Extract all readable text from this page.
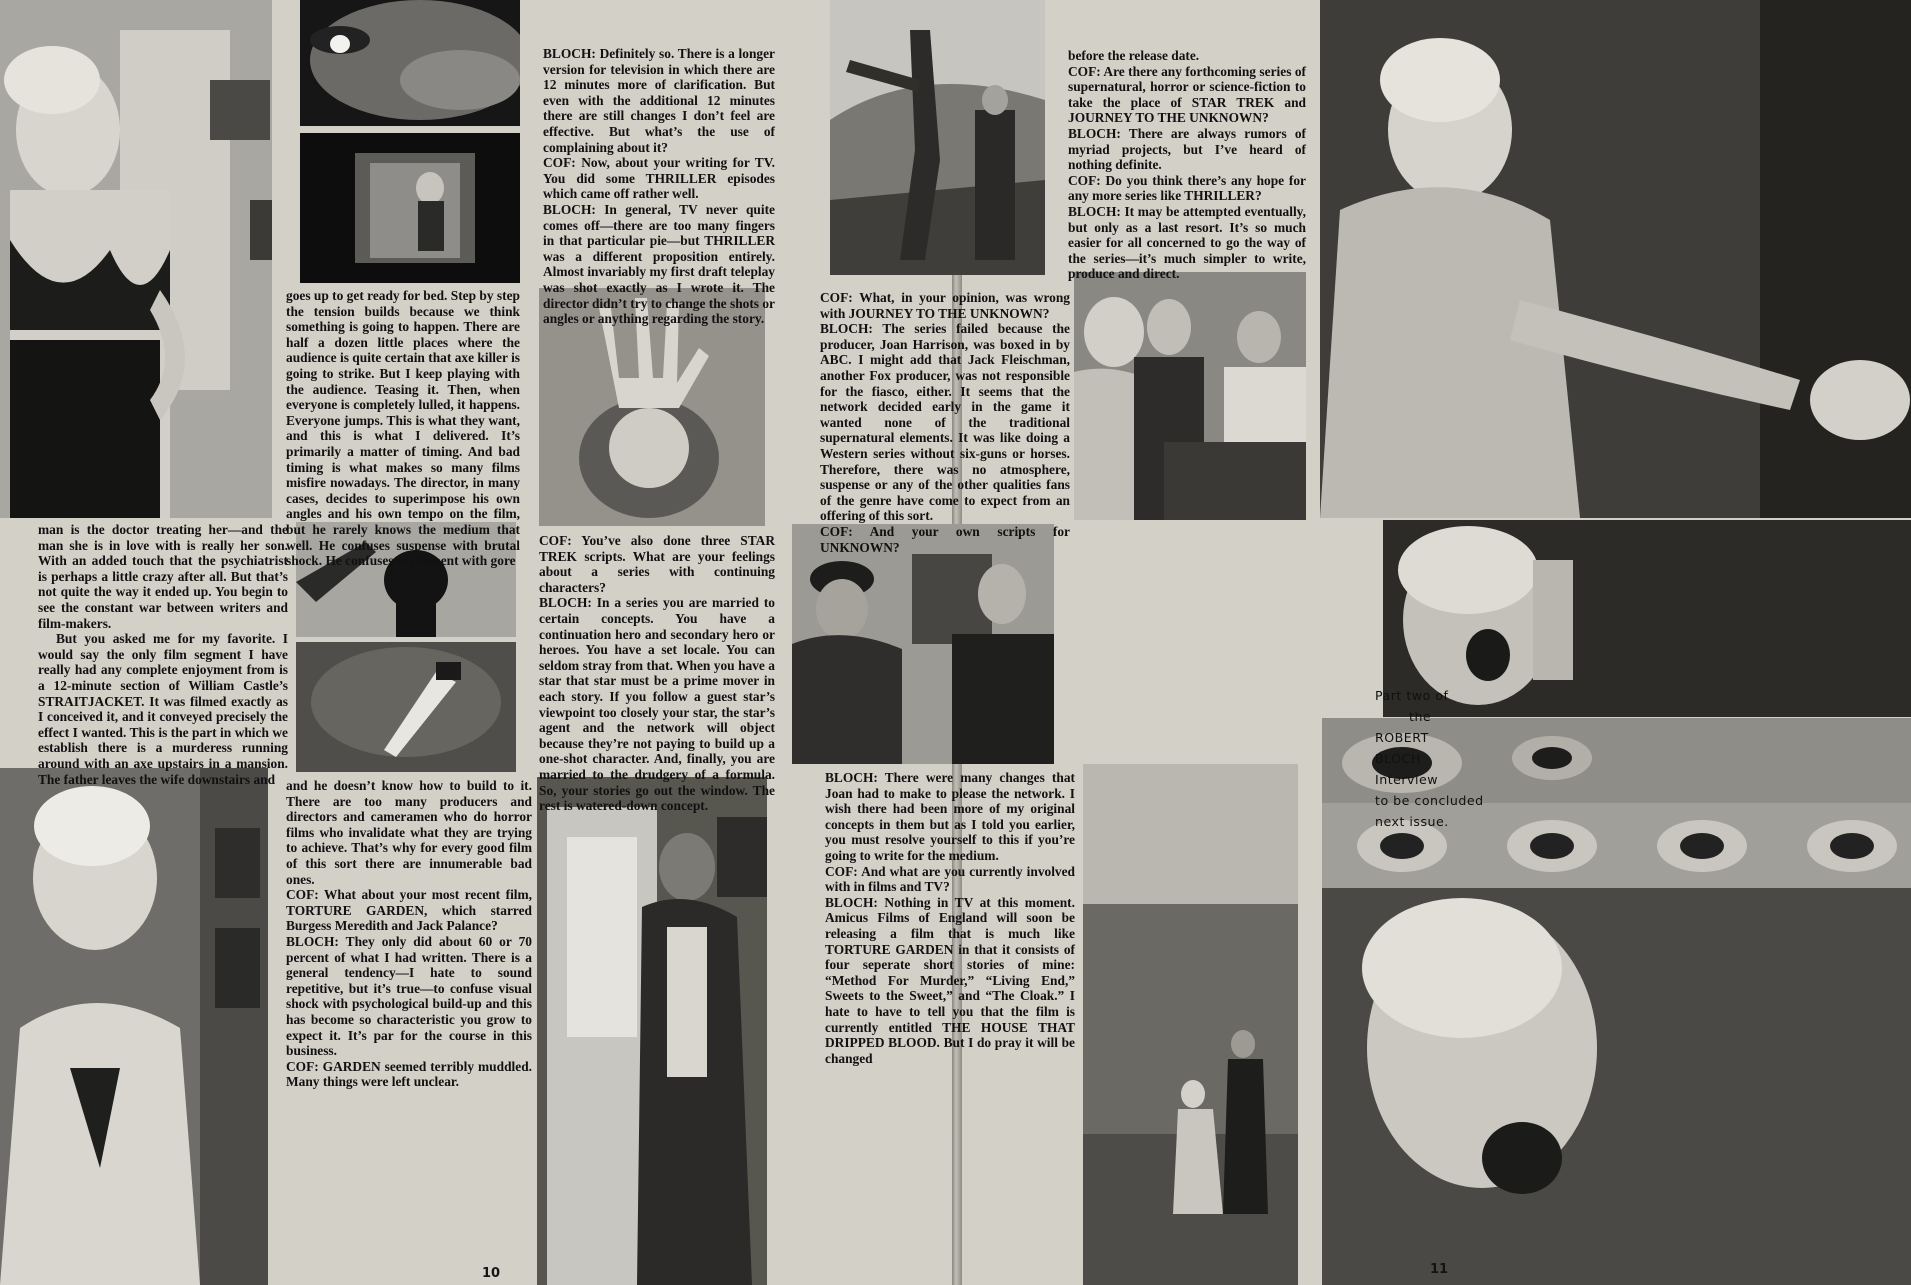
man is the doctor treating her—and the man she is in love with is really her son. With an added touch that the psychiatrist is perhaps a little crazy after all. But that’s not quite the way it ended up. You begin to see the constant war between writers and film-makers.

But you asked me for my favorite. I would say the only film segment I have really had any complete enjoyment from is a 12-minute section of William Castle’s STRAITJACKET. It was filmed exactly as I conceived it, and it conveyed precisely the effect I wanted. This is the part in which we establish there is a murderess running around with an axe upstairs in a mansion. The father leaves the wife downstairs and

goes up to get ready for bed. Step by step the tension builds because we think something is going to happen. There are half a dozen little places where the audience is quite certain that axe killer is going to strike. But I keep playing with the audience. Teasing it. Then, when everyone is completely lulled, it happens. Everyone jumps. This is what they want, and this is what I delivered. It’s primarily a matter of timing. And bad timing is what makes so many films misfire nowadays. The director, in many cases, decides to superimpose his own angles and his own tempo on the film, but he rarely knows the medium that well. He confuses suspense with brutal shock. He confuses excitement with gore

and he doesn’t know how to build to it. There are too many producers and directors and cameramen who do horror films who invalidate what they are trying to achieve. That’s why for every good film of this sort there are innumerable bad ones.

COF: What about your most recent film, TORTURE GARDEN, which starred Burgess Meredith and Jack Palance?

BLOCH: They only did about 60 or 70 percent of what I had written. There is a general tendency—I hate to sound repetitive, but it’s true—to confuse visual shock with psychological build-up and this has become so characteristic you grow to expect it. It’s par for the course in this business.

COF: GARDEN seemed terribly muddled. Many things were left unclear.

BLOCH: Definitely so. There is a longer version for television in which there are 12 minutes more of clarification. But even with the additional 12 minutes there are still changes I don’t feel are effective. But what’s the use of complaining about it?

COF: Now, about your writing for TV. You did some THRILLER episodes which came off rather well.

BLOCH: In general, TV never quite comes off—there are too many fingers in that particular pie—but THRILLER was a different proposition entirely. Almost invariably my first draft teleplay was shot exactly as I wrote it. The director didn’t try to change the shots or angles or anything regarding the story.

COF: You’ve also done three STAR TREK scripts. What are your feelings about a series with continuing characters?

BLOCH: In a series you are married to certain concepts. You have a continuation hero and secondary hero or heroes. You have a set locale. You can seldom stray from that. When you have a star that star must be a prime mover in each story. If you follow a guest star’s viewpoint too closely your star, the star’s agent and the network will object because they’re not paying to build up a one-shot character. And, finally, you are married to the drudgery of a formula. So, your stories go out the window. The rest is watered-down concept.

COF: What, in your opinion, was wrong with JOURNEY TO THE UNKNOWN?

BLOCH: The series failed because the producer, Joan Harrison, was boxed in by ABC. I might add that Jack Fleischman, another Fox producer, was not responsible for the fiasco, either. It seems that the network decided early in the game it wanted none of the traditional supernatural elements. It was like doing a Western series without six-guns or horses. Therefore, there was no atmosphere, suspense or any of the other qualities fans of the genre have come to expect from an offering of this sort.

COF: And your own scripts for UNKNOWN?

BLOCH: There were many changes that Joan had to make to please the network. I wish there had been more of my original concepts in them but as I told you earlier, you must resolve yourself to this if you’re going to write for the medium.

COF: And what are you currently involved with in films and TV?

BLOCH: Nothing in TV at this moment. Amicus Films of England will soon be releasing a film that is much like TORTURE GARDEN in that it consists of four seperate short stories of mine: “Method For Murder,” “Living End,” Sweets to the Sweet,” and “The Cloak.” I hate to have to tell you that the film is currently entitled THE HOUSE THAT DRIPPED BLOOD. But I do pray it will be changed

before the release date.

COF: Are there any forthcoming series of supernatural, horror or science-fiction to take the place of STAR TREK and JOURNEY TO THE UNKNOWN?

BLOCH: There are always rumors of myriad projects, but I’ve heard of nothing definite.

COF: Do you think there’s any hope for any more series like THRILLER?

BLOCH: It may be attempted eventually, but only as a last resort. It’s so much easier for all concerned to go the way of the series—it’s much simpler to write, produce and direct.

Part two of
the
ROBERT
BLOCH
Interview
to be concluded
next issue.
10	11
